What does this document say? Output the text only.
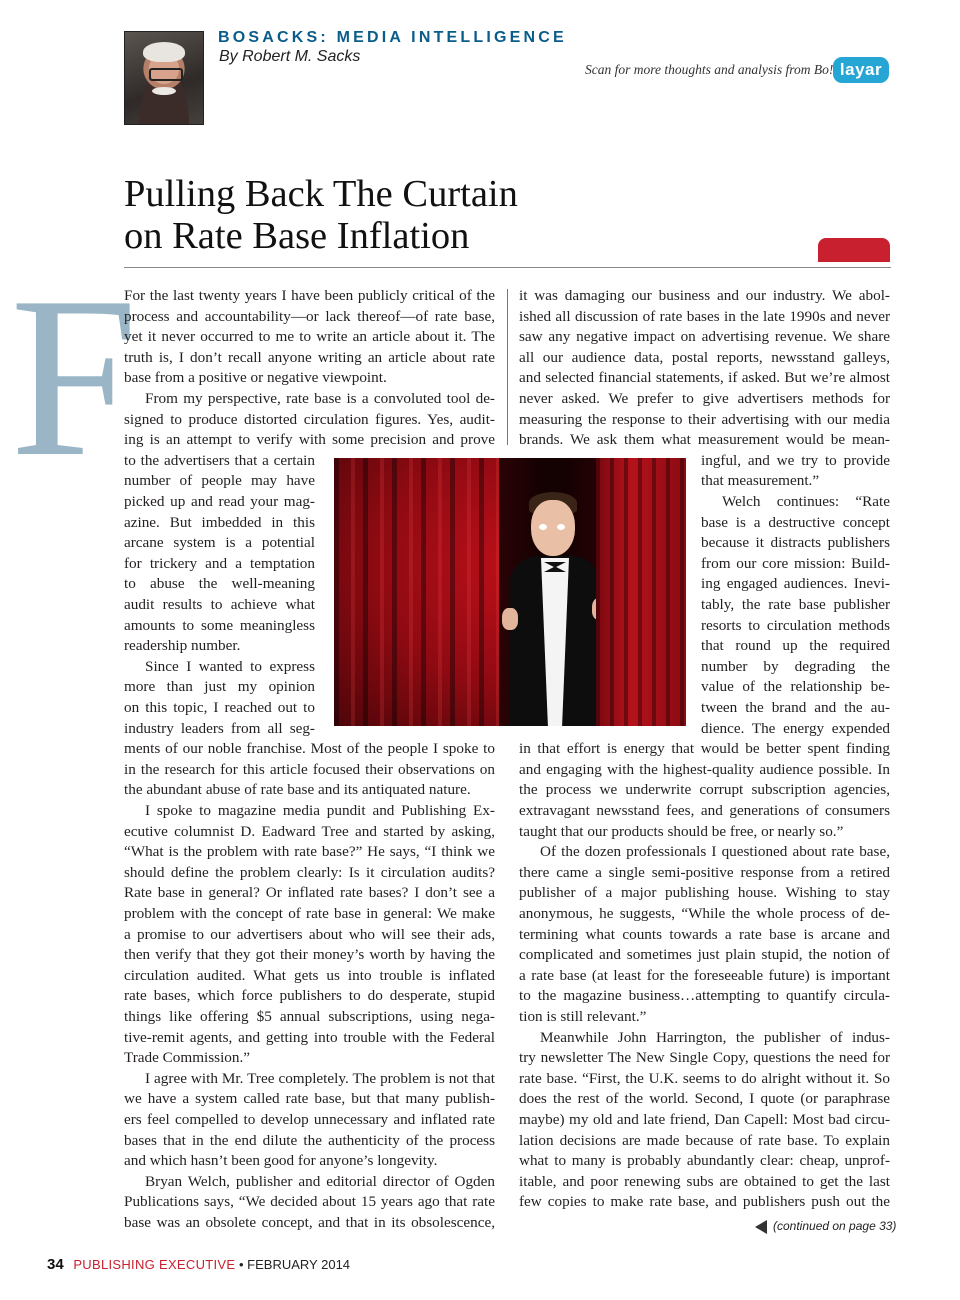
BOSACKS: MEDIA INTELLIGENCE
By Robert M. Sacks
Scan for more thoughts and analysis from Bo! layar
Pulling Back The Curtain
on Rate Base Inflation
F
For the last twenty years I have been publicly critical of the
process and accountability—or lack thereof—of rate base,
yet it never occurred to me to write an article about it. The
truth is, I don’t recall anyone writing an article about rate
base from a positive or negative viewpoint.
From my perspective, rate base is a convoluted tool de-
signed to produce distorted circulation figures. Yes, audit-
ing is an attempt to verify with some precision and prove
to the advertisers that a certain
number of people may have
picked up and read your mag-
azine. But imbedded in this
arcane system is a potential
for trickery and a temptation
to abuse the well-meaning
audit results to achieve what
amounts to some meaningless
readership number.
Since I wanted to express
more than just my opinion
on this topic, I reached out to
industry leaders from all seg-
ments of our noble franchise. Most of the people I spoke to
in the research for this article focused their observations on
the abundant abuse of rate base and its antiquated nature.
I spoke to magazine media pundit and Publishing Ex-
ecutive columnist D. Eadward Tree and started by asking,
“What is the problem with rate base?” He says, “I think we
should define the problem clearly: Is it circulation audits?
Rate base in general? Or inflated rate bases? I don’t see a
problem with the concept of rate base in general: We make
a promise to our advertisers about who will see their ads,
then verify that they got their money’s worth by having the
circulation audited. What gets us into trouble is inflated
rate bases, which force publishers to do desperate, stupid
things like offering $5 annual subscriptions, using nega-
tive-remit agents, and getting into trouble with the Federal
Trade Commission.”
I agree with Mr. Tree completely. The problem is not that
we have a system called rate base, but that many publish-
ers feel compelled to develop unnecessary and inflated rate
bases that in the end dilute the authenticity of the process
and which hasn’t been good for anyone’s longevity.
Bryan Welch, publisher and editorial director of Ogden
Publications says, “We decided about 15 years ago that rate
base was an obsolete concept, and that in its obsolescence,
it was damaging our business and our industry. We abol-
ished all discussion of rate bases in the late 1990s and never
saw any negative impact on advertising revenue. We share
all our audience data, postal reports, newsstand galleys,
and selected financial statements, if asked. But we’re almost
never asked. We prefer to give advertisers methods for
measuring the response to their advertising with our media
brands. We ask them what measurement would be mean-
ingful, and we try to provide
that measurement.”
Welch continues: “Rate
base is a destructive concept
because it distracts publishers
from our core mission: Build-
ing engaged audiences. Inevi-
tably, the rate base publisher
resorts to circulation methods
that round up the required
number by degrading the
value of the relationship be-
tween the brand and the au-
dience. The energy expended
in that effort is energy that would be better spent finding
and engaging with the highest-quality audience possible. In
the process we underwrite corrupt subscription agencies,
extravagant newsstand fees, and generations of consumers
taught that our products should be free, or nearly so.”
Of the dozen professionals I questioned about rate base,
there came a single semi-positive response from a retired
publisher of a major publishing house. Wishing to stay
anonymous, he suggests, “While the whole process of de-
termining what counts towards a rate base is arcane and
complicated and sometimes just plain stupid, the notion of
a rate base (at least for the foreseeable future) is important
to the magazine business…attempting to quantify circula-
tion is still relevant.”
Meanwhile John Harrington, the publisher of indus-
try newsletter The New Single Copy, questions the need for
rate base. “First, the U.K. seems to do alright without it. So
does the rest of the world. Second, I quote (or paraphrase
maybe) my old and late friend, Dan Capell: Most bad circu-
lation decisions are made because of rate base. To explain
what to many is probably abundantly clear: cheap, unprof-
itable, and poor renewing subs are obtained to get the last
few copies to make rate base, and publishers push out the
(continued on page 33)
34 PUBLISHING EXECUTIVE • FEBRUARY 2014
